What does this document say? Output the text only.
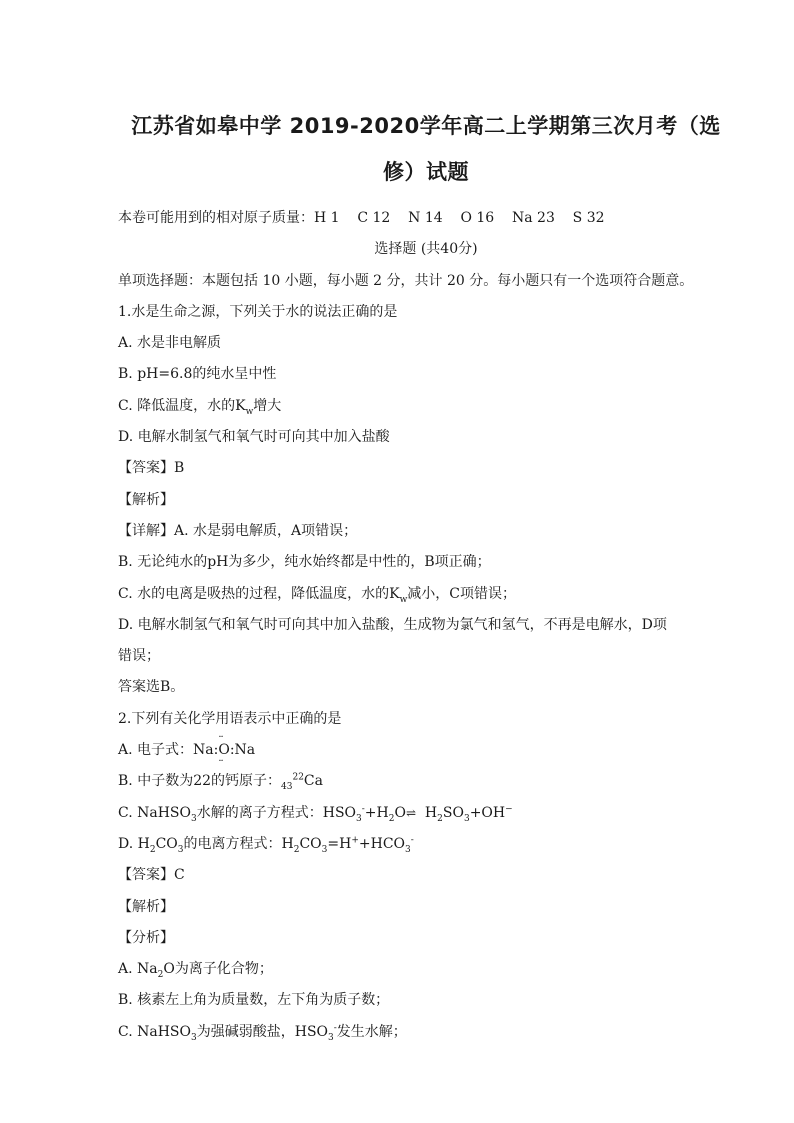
江苏省如皋中学 2019-2020学年高二上学期第三次月考（选
修）试题
本卷可能用到的相对原子质量：H 1    C 12    N 14    O 16    Na 23    S 32
选择题 (共40分)
单项选择题：本题包括 10 小题，每小题 2 分，共计 20 分。每小题只有一个选项符合题意。
1.水是生命之源，下列关于水的说法正确的是
A. 水是非电解质
B. pH=6.8的纯水呈中性
C. 降低温度，水的$K_w$增大
D. 电解水制氢气和氧气时可向其中加入盐酸
【答案】B
【解析】
【详解】A. 水是弱电解质，A项错误；
B. 无论纯水的pH为多少，纯水始终都是中性的，B项正确；
C. 水的电离是吸热的过程，降低温度，水的$K_w$减小，C项错误；
D. 电解水制氢气和氧气时可向其中加入盐酸，生成物为氯气和氢气，不再是电解水，D项
错误；
答案选B。
2.下列有关化学用语表示中正确的是
A. 电子式：Na : ·· O ·· : Na
B. 中子数为22的钙原子：$_{43}^{22}$Ca
C. NaHSO$_3$水解的离子方程式：$HSO_3^-+H_2O\rightleftharpoons$  $H_2SO_3+OH^-$
D. $H_2CO_3$的电离方程式：$H_2CO_3=H^++HCO_3^-$
【答案】C
【解析】
【分析】
A. $Na_2O$为离子化合物；
B. 核素左上角为质量数，左下角为质子数；
C. NaHSO$_3$为强碱弱酸盐，$HSO_3^-$发生水解；
